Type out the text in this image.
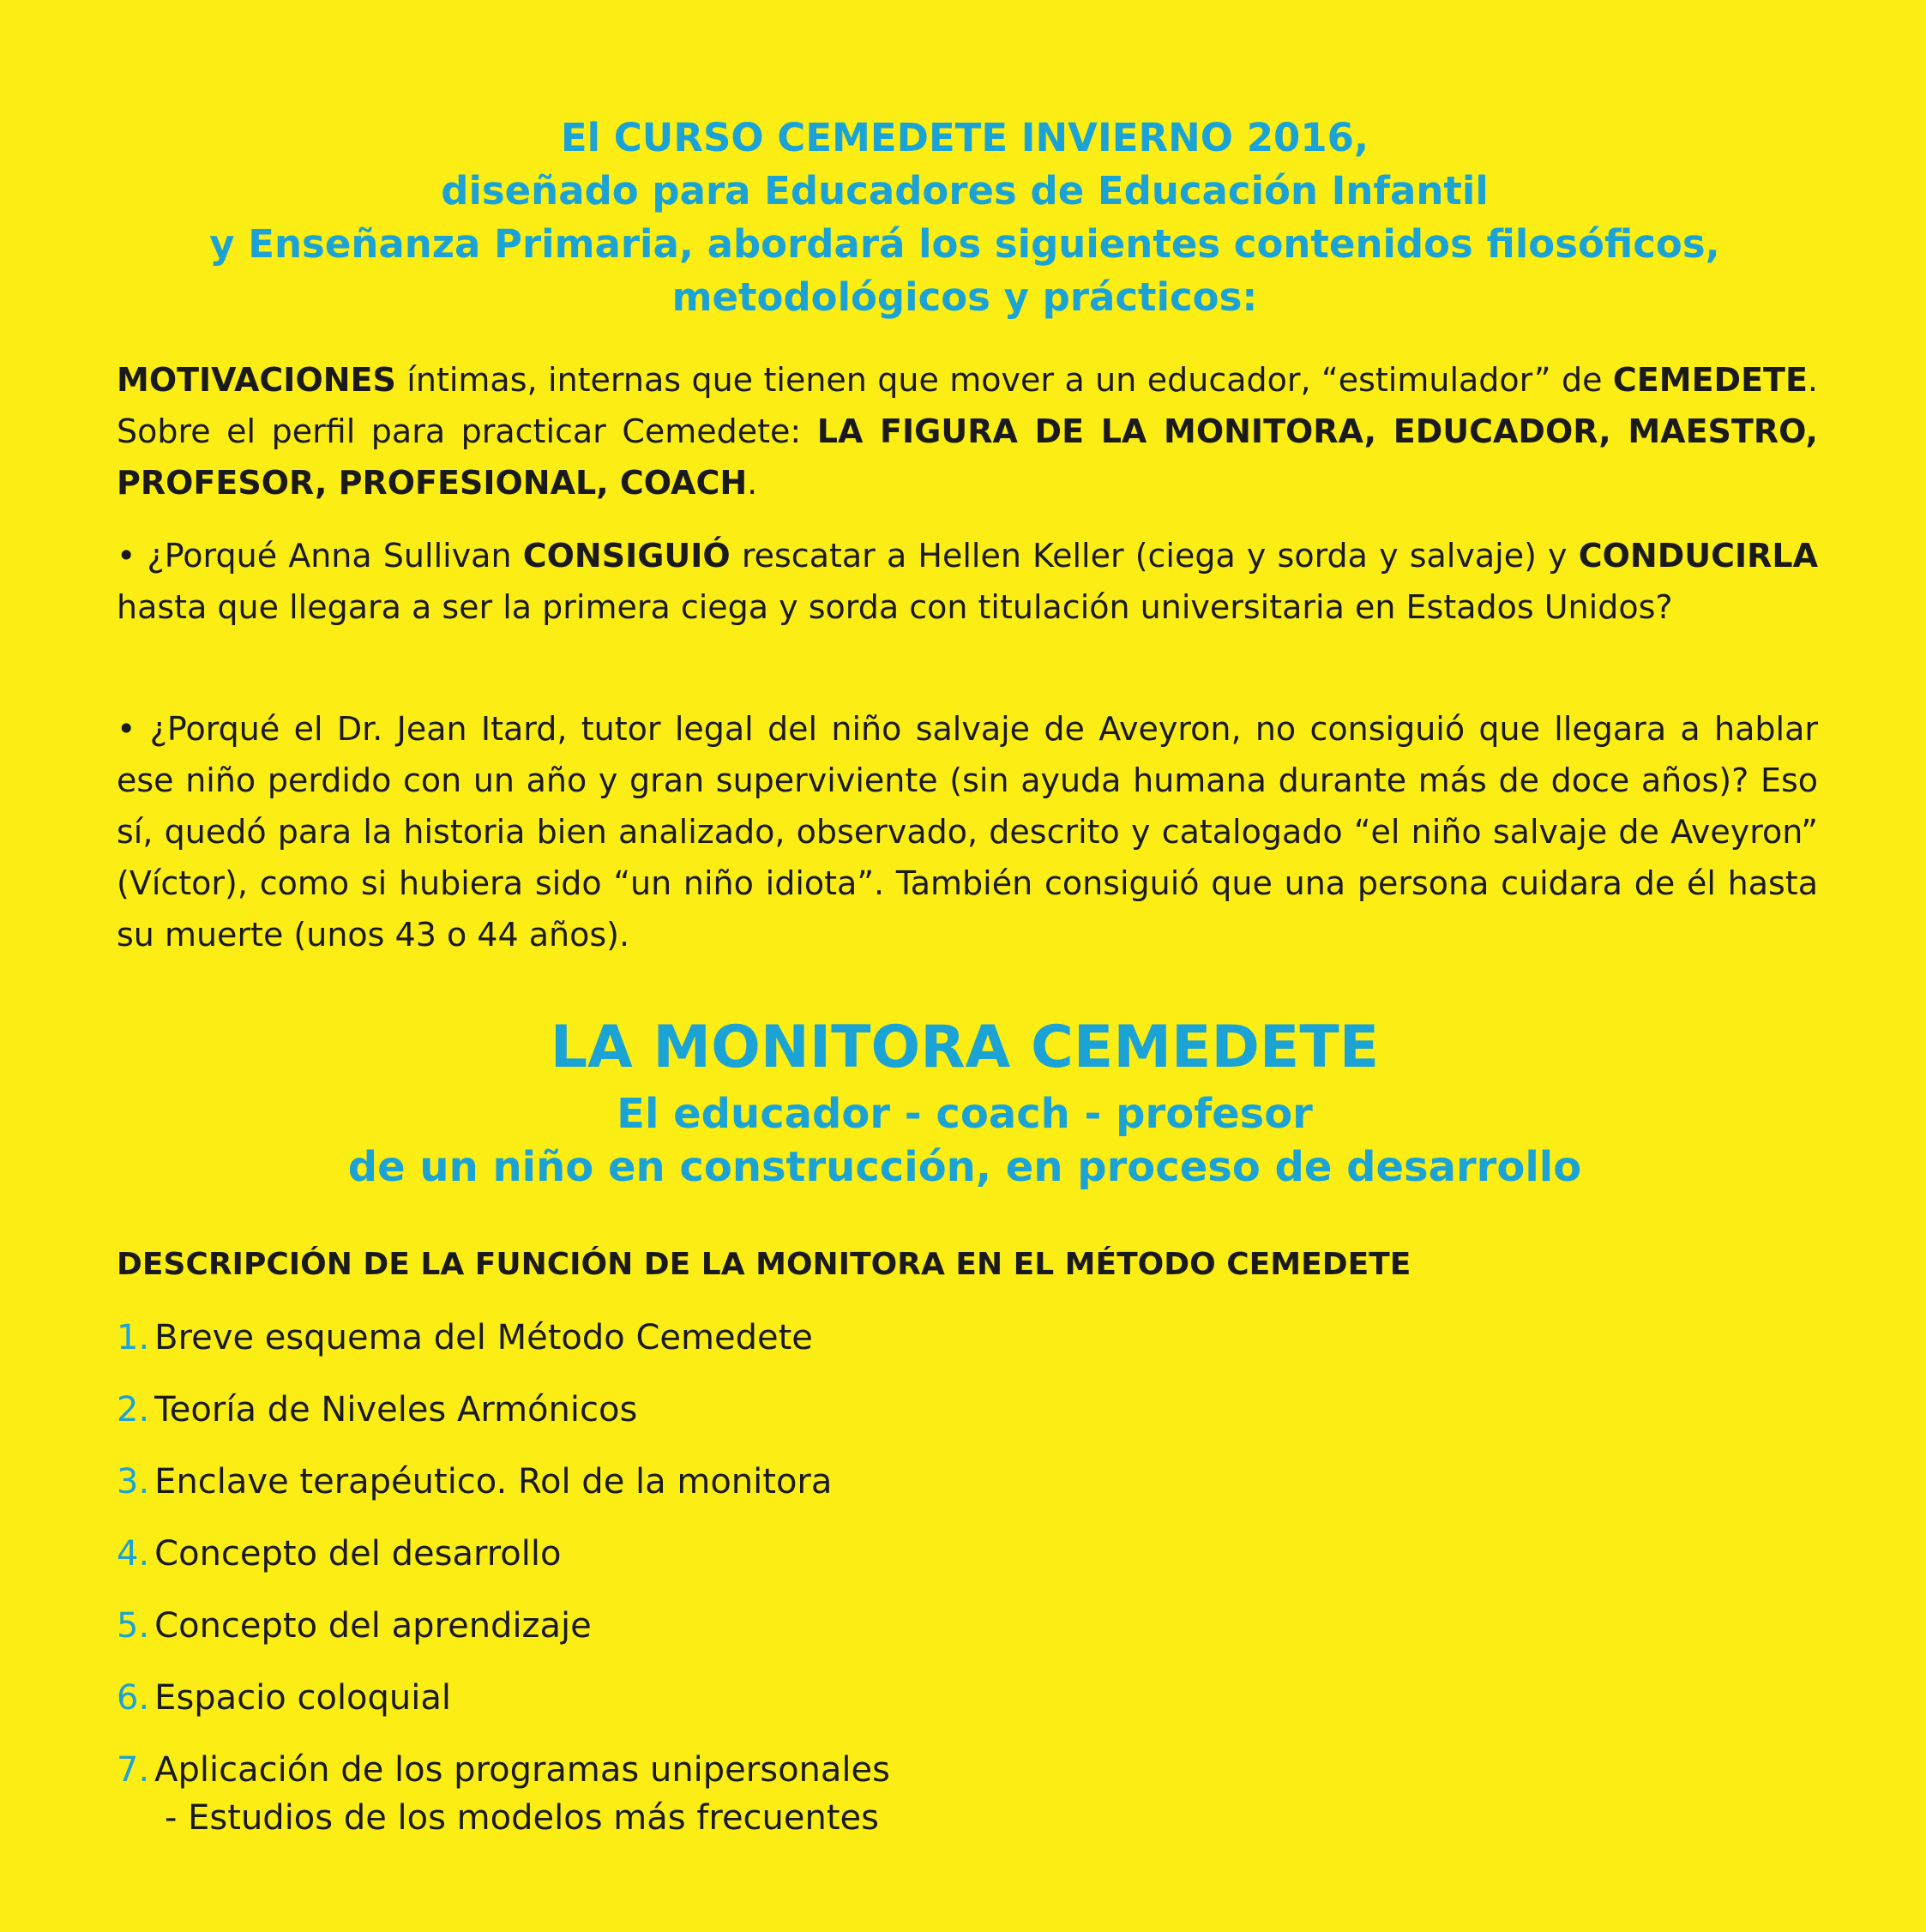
El CURSO CEMEDETE INVIERNO 2016,
diseñado para Educadores de Educación Infantil
y Enseñanza Primaria, abordará los siguientes contenidos filosóficos,
metodológicos y prácticos:
MOTIVACIONES íntimas, internas que tienen que mover a un educador, “estimulador” de CEMEDETE. Sobre el perfil para practicar Cemedete: LA FIGURA DE LA MONITORA, EDUCADOR, MAESTRO, PROFESOR, PROFESIONAL, COACH.
• ¿Porqué Anna Sullivan CONSIGUIÓ rescatar a Hellen Keller (ciega y sorda y salvaje) y CONDUCIRLA hasta que llegara a ser la primera ciega y sorda con titulación universitaria en Estados Unidos?
• ¿Porqué el Dr. Jean Itard, tutor legal del niño salvaje de Aveyron, no consiguió que llegara a hablar ese niño perdido con un año y gran superviviente (sin ayuda humana durante más de doce años)? Eso sí, quedó para la historia bien analizado, observado, descrito y catalogado “el niño salvaje de Aveyron” (Víctor), como si hubiera sido “un niño idiota”. También consiguió que una persona cuidara de él hasta su muerte (unos 43 o 44 años).
LA MONITORA CEMEDETE
El educador - coach - profesor
de un niño en construcción, en proceso de desarrollo
DESCRIPCIÓN DE LA FUNCIÓN DE LA MONITORA EN EL MÉTODO CEMEDETE
1. Breve esquema del Método Cemedete
2. Teoría de Niveles Armónicos
3. Enclave terapéutico. Rol de la monitora
4. Concepto del desarrollo
5. Concepto del aprendizaje
6. Espacio coloquial
7. Aplicación de los programas unipersonales
- Estudios de los modelos más frecuentes
